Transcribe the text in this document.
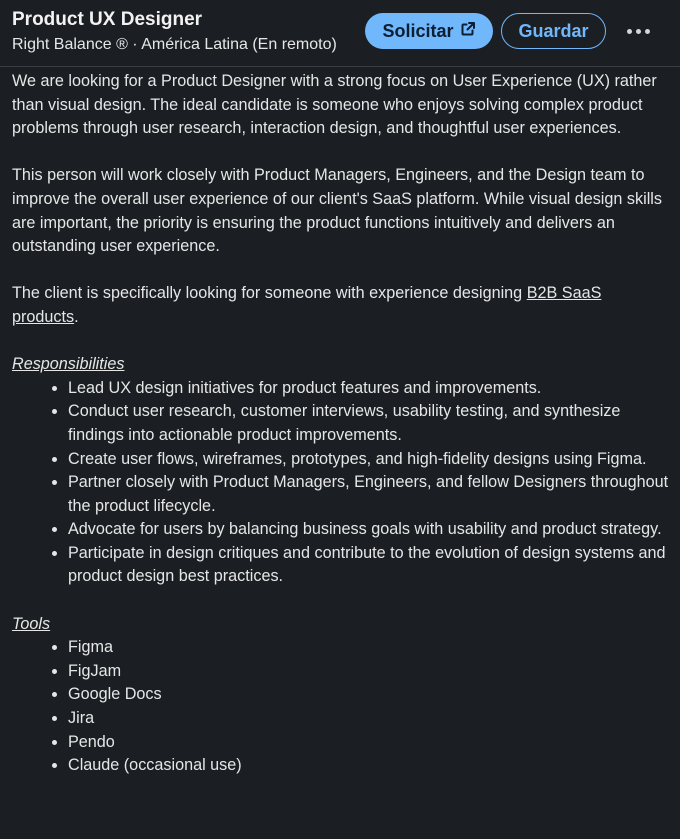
Product UX Designer
Right Balance ® · América Latina (En remoto)
Solicitar	Guardar

We are looking for a Product Designer with a strong focus on User Experience (UX) rather than visual design. The ideal candidate is someone who enjoys solving complex product problems through user research, interaction design, and thoughtful user experiences.

This person will work closely with Product Managers, Engineers, and the Design team to improve the overall user experience of our client's SaaS platform. While visual design skills are important, the priority is ensuring the product functions intuitively and delivers an outstanding user experience.

The client is specifically looking for someone with experience designing B2B SaaS products.

Responsibilities
• Lead UX design initiatives for product features and improvements.
• Conduct user research, customer interviews, usability testing, and synthesize findings into actionable product improvements.
• Create user flows, wireframes, prototypes, and high-fidelity designs using Figma.
• Partner closely with Product Managers, Engineers, and fellow Designers throughout the product lifecycle.
• Advocate for users by balancing business goals with usability and product strategy.
• Participate in design critiques and contribute to the evolution of design systems and product design best practices.
Tools
• Figma
• FigJam
• Google Docs
• Jira
• Pendo
• Claude (occasional use)
